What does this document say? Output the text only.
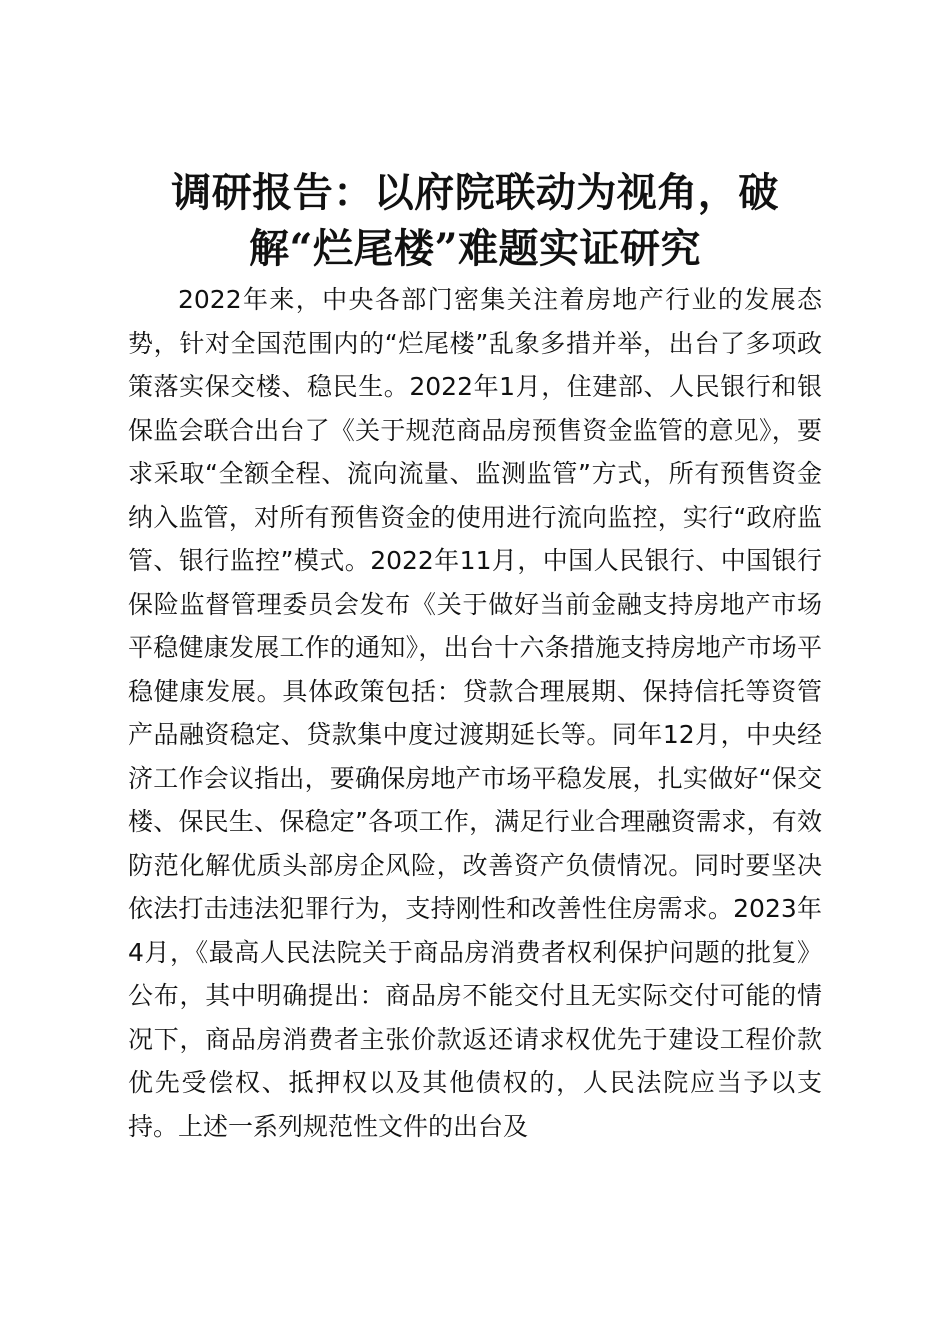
调研报告：以府院联动为视角，破解“烂尾楼”难题实证研究

2022年来，中央各部门密集关注着房地产行业的发展态势，针对全国范围内的“烂尾楼”乱象多措并举，出台了多项政策落实保交楼、稳民生。2022年1月，住建部、人民银行和银保监会联合出台了《关于规范商品房预售资金监管的意见》，要求采取“全额全程、流向流量、监测监管”方式，所有预售资金纳入监管，对所有预售资金的使用进行流向监控，实行“政府监管、银行监控”模式。2022年11月，中国人民银行、中国银行保险监督管理委员会发布《关于做好当前金融支持房地产市场平稳健康发展工作的通知》，出台十六条措施支持房地产市场平稳健康发展。具体政策包括：贷款合理展期、保持信托等资管产品融资稳定、贷款集中度过渡期延长等。同年12月，中央经济工作会议指出，要确保房地产市场平稳发展，扎实做好“保交楼、保民生、保稳定”各项工作，满足行业合理融资需求，有效防范化解优质头部房企风险，改善资产负债情况。同时要坚决依法打击违法犯罪行为，支持刚性和改善性住房需求。2023年4月，《最高人民法院关于商品房消费者权利保护问题的批复》公布，其中明确提出：商品房不能交付且无实际交付可能的情况下，商品房消费者主张价款返还请求权优先于建设工程价款优先受偿权、抵押权以及其他债权的，人民法院应当予以支持。上述一系列规范性文件的出台及
